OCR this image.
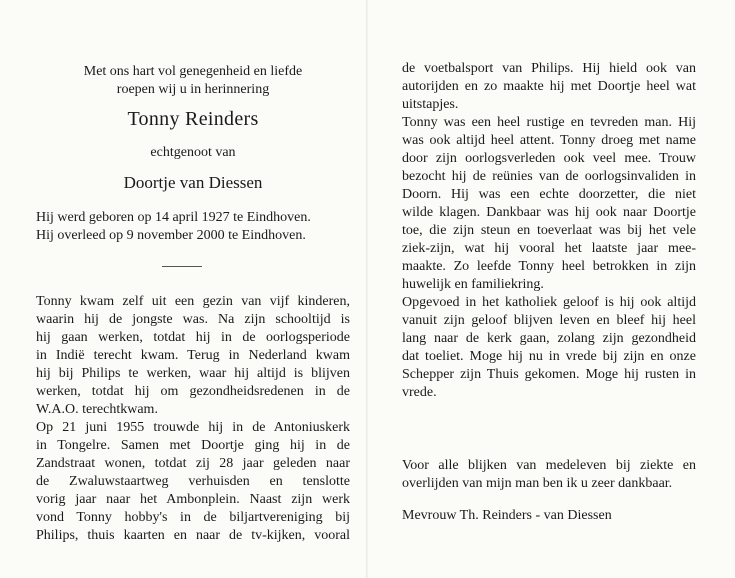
Met ons hart vol genegenheid en liefde
roepen wij u in herinnering
Tonny Reinders
echtgenoot van
Doortje van Diessen
Hij werd geboren op 14 april 1927 te Eindhoven.
Hij overleed op 9 november 2000 te Eindhoven.
Tonny kwam zelf uit een gezin van vijf kinderen,
waarin hij de jongste was. Na zijn schooltijd is
hij gaan werken, totdat hij in de oorlogsperiode
in Indië terecht kwam. Terug in Nederland kwam
hij bij Philips te werken, waar hij altijd is blijven
werken, totdat hij om gezondheidsredenen in de
W.A.O. terechtkwam.
Op 21 juni 1955 trouwde hij in de Antoniuskerk
in Tongelre. Samen met Doortje ging hij in de
Zandstraat wonen, totdat zij 28 jaar geleden naar
de Zwaluwstaartweg verhuisden en tenslotte
vorig jaar naar het Ambonplein. Naast zijn werk
vond Tonny hobby's in de biljartvereniging bij
Philips, thuis kaarten en naar de tv-kijken, vooral
de voetbalsport van Philips. Hij hield ook van
autorijden en zo maakte hij met Doortje heel wat
uitstapjes.
Tonny was een heel rustige en tevreden man. Hij
was ook altijd heel attent. Tonny droeg met name
door zijn oorlogsverleden ook veel mee. Trouw
bezocht hij de reünies van de oorlogsinvaliden in
Doorn. Hij was een echte doorzetter, die niet
wilde klagen. Dankbaar was hij ook naar Doortje
toe, die zijn steun en toeverlaat was bij het vele
ziek-zijn, wat hij vooral het laatste jaar mee-
maakte. Zo leefde Tonny heel betrokken in zijn
huwelijk en familiekring.
Opgevoed in het katholiek geloof is hij ook altijd
vanuit zijn geloof blijven leven en bleef hij heel
lang naar de kerk gaan, zolang zijn gezondheid
dat toeliet. Moge hij nu in vrede bij zijn en onze
Schepper zijn Thuis gekomen. Moge hij rusten in
vrede.
Voor alle blijken van medeleven bij ziekte en
overlijden van mijn man ben ik u zeer dankbaar.
Mevrouw Th. Reinders - van Diessen
